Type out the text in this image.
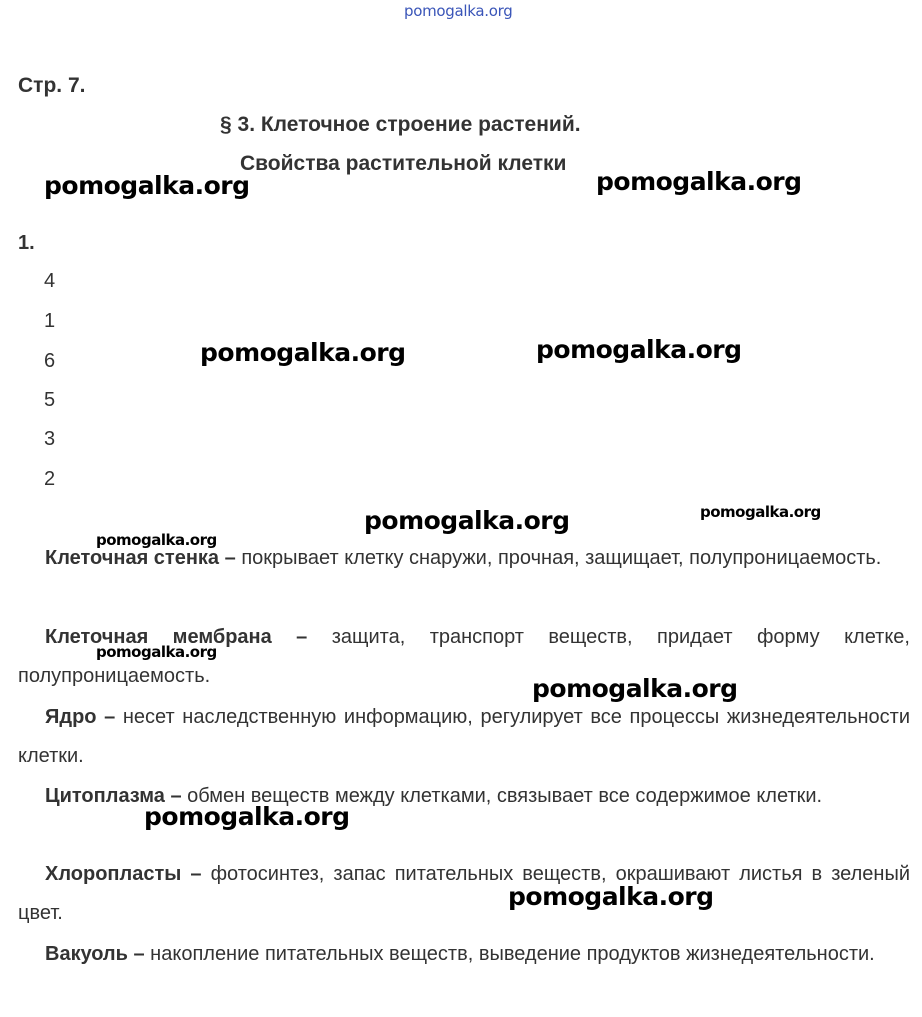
pomogalka.org
Стр. 7.
§ 3. Клеточное строение растений.
Свойства растительной клетки
1.
4
1
6
5
3
2
Клеточная стенка – покрывает клетку снаружи, прочная, защищает, полупроницаемость.
Клеточная мембрана – защита, транспорт веществ, придает форму клетке, полупроницаемость.
Ядро – несет наследственную информацию, регулирует все процессы жизнедеятельности клетки.
Цитоплазма – обмен веществ между клетками, связывает все содержимое клетки.
Хлоропласты – фотосинтез, запас питательных веществ, окрашивают листья в зеленый цвет.
Вакуоль – накопление питательных веществ, выведение продуктов жизнедеятельности.
pomogalka.org	pomogalka.org
pomogalka.org	pomogalka.org
pomogalka.org	pomogalka.org
pomogalka.org
pomogalka.org
pomogalka.org
pomogalka.org
pomogalka.org
